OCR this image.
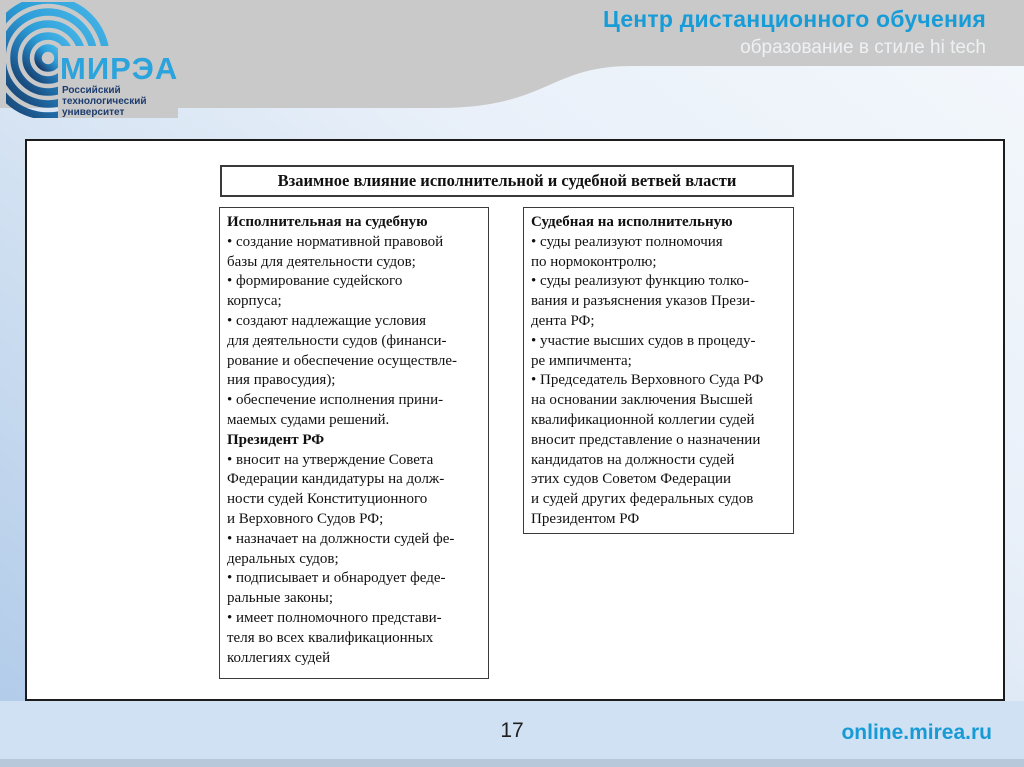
МИРЭА
Российский
технологический
университет
Центр дистанционного обучения
образование в стиле hi tech
Взаимное влияние исполнительной и судебной ветвей власти
Исполнительная на судебную
• создание нормативной правовой
базы для деятельности судов;
• формирование судейского
корпуса;
• создают надлежащие условия
для деятельности судов (финанси-
рование и обеспечение осуществле-
ния правосудия);
• обеспечение исполнения прини-
маемых судами решений.
Президент РФ
• вносит на утверждение Совета
Федерации кандидатуры на долж-
ности судей Конституционного
и Верховного Судов РФ;
• назначает на должности судей фе-
деральных судов;
• подписывает и обнародует феде-
ральные законы;
• имеет полномочного представи-
теля во всех квалификационных
коллегиях судей
Судебная на исполнительную
• суды реализуют полномочия
по нормоконтролю;
• суды реализуют функцию толко-
вания и разъяснения указов Прези-
дента РФ;
• участие высших судов в процеду-
ре импичмента;
• Председатель Верховного Суда РФ
на основании заключения Высшей
квалификационной коллегии судей
вносит представление о назначении
кандидатов на должности судей
этих судов Советом Федерации
и судей других федеральных судов
Президентом РФ
17	online.mirea.ru
